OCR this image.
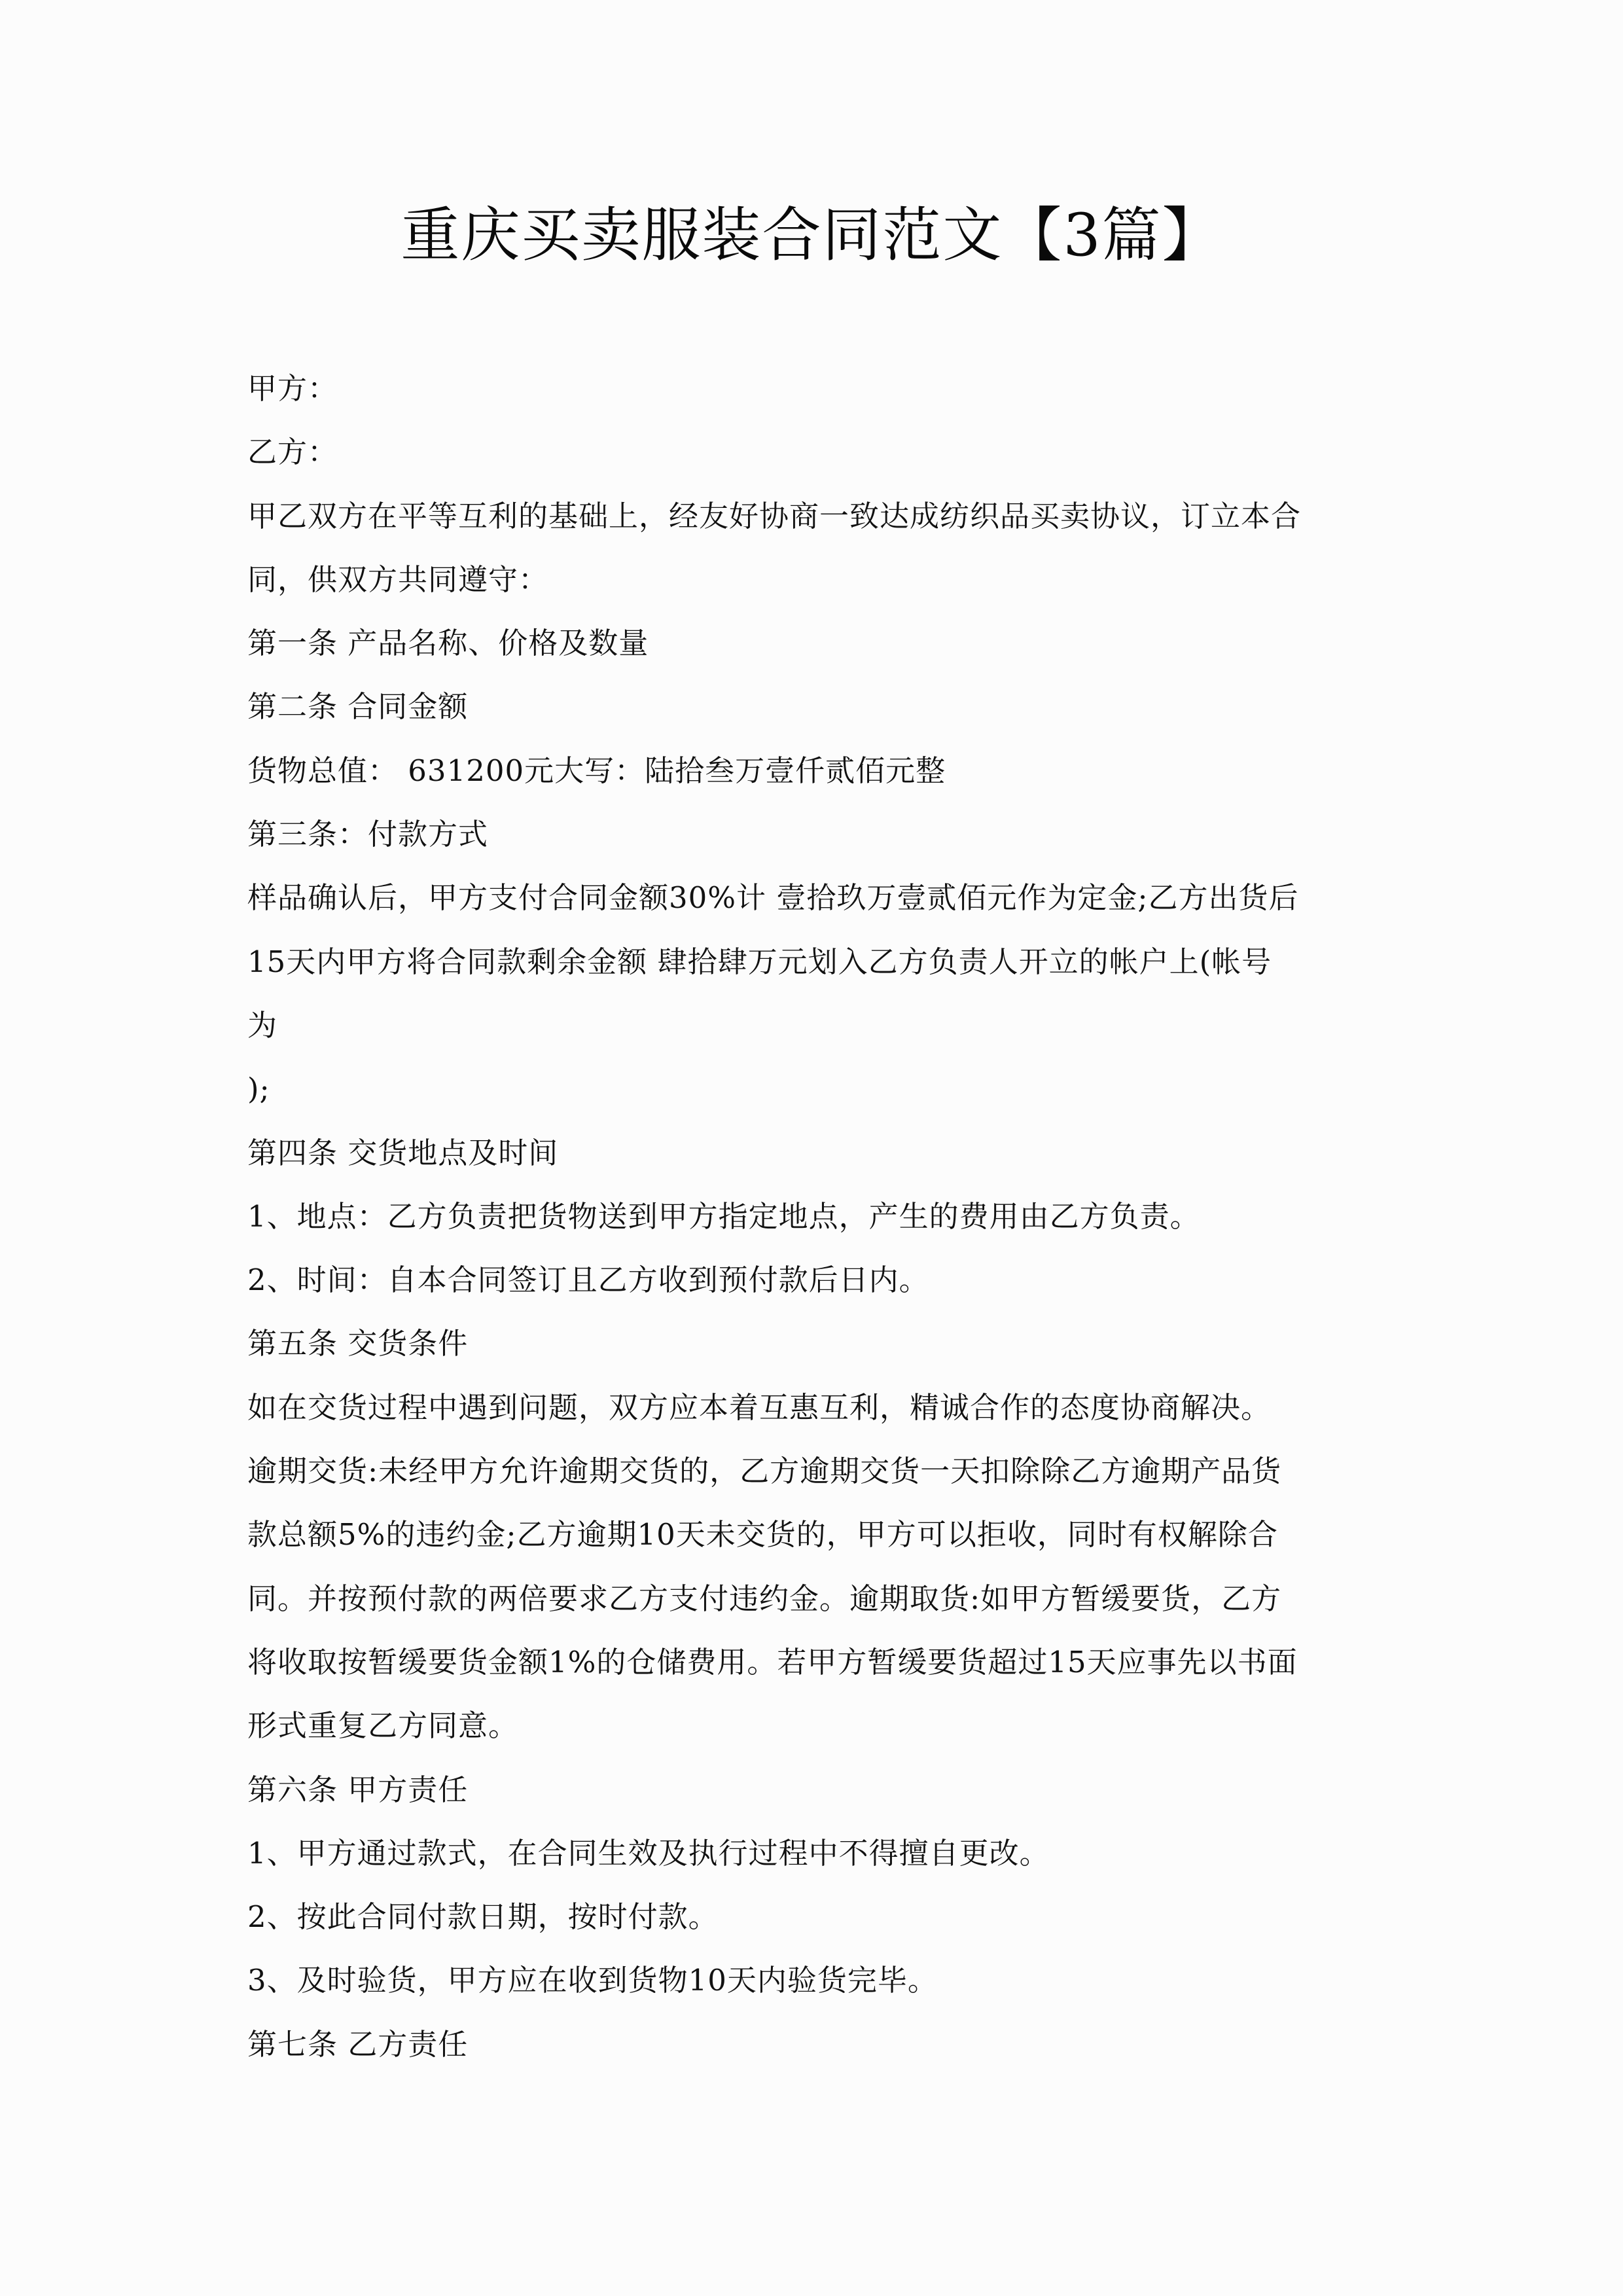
重庆买卖服装合同范文【3篇】

甲方：

乙方：

甲乙双方在平等互利的基础上，经友好协商一致达成纺织品买卖协议，订立本合

同，供双方共同遵守：

第一条 产品名称、价格及数量

第二条 合同金额

货物总值： 631200元大写：陆拾叁万壹仟贰佰元整

第三条：付款方式

样品确认后，甲方支付合同金额30%计 壹拾玖万壹贰佰元作为定金;乙方出货后

15天内甲方将合同款剩余金额 肆拾肆万元划入乙方负责人开立的帐户上(帐号

为

);

第四条 交货地点及时间

1、地点：乙方负责把货物送到甲方指定地点，产生的费用由乙方负责。

2、时间：自本合同签订且乙方收到预付款后日内。

第五条 交货条件

如在交货过程中遇到问题，双方应本着互惠互利，精诚合作的态度协商解决。

逾期交货:未经甲方允许逾期交货的，乙方逾期交货一天扣除除乙方逾期产品货

款总额5%的违约金;乙方逾期10天未交货的，甲方可以拒收，同时有权解除合

同。并按预付款的两倍要求乙方支付违约金。逾期取货:如甲方暂缓要货，乙方

将收取按暂缓要货金额1%的仓储费用。若甲方暂缓要货超过15天应事先以书面

形式重复乙方同意。

第六条 甲方责任

1、甲方通过款式，在合同生效及执行过程中不得擅自更改。

2、按此合同付款日期，按时付款。

3、及时验货，甲方应在收到货物10天内验货完毕。

第七条 乙方责任
